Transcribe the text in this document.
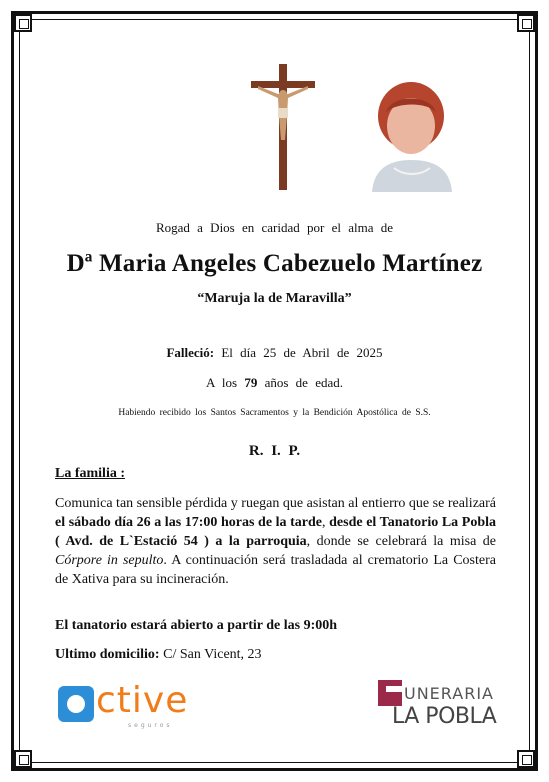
Rogad a Dios en caridad por el alma de
Dª Maria Angeles Cabezuelo Martínez
“Maruja la de Maravilla”
Falleció: El día 25 de Abril de 2025
A los 79 años de edad.
Habiendo recibido los Santos Sacramentos y la Bendición Apostólica de S.S.
R. I. P.
La familia :
Comunica tan sensible pérdida y ruegan que asistan al entierro que se realizará el sábado día 26 a las 17:00 horas de la tarde, desde el Tanatorio La Pobla ( Avd. de L`Estació 54 ) a la parroquia, donde se celebrará la misa de Córpore in sepulto. A continuación será trasladada al crematorio La Costera de Xativa para su incineración.
El tanatorio estará abierto a partir de las 9:00h
Ultimo domicilio: C/ San Vicent, 23
ctive
seguros
UNERARIA
LA POBLA
